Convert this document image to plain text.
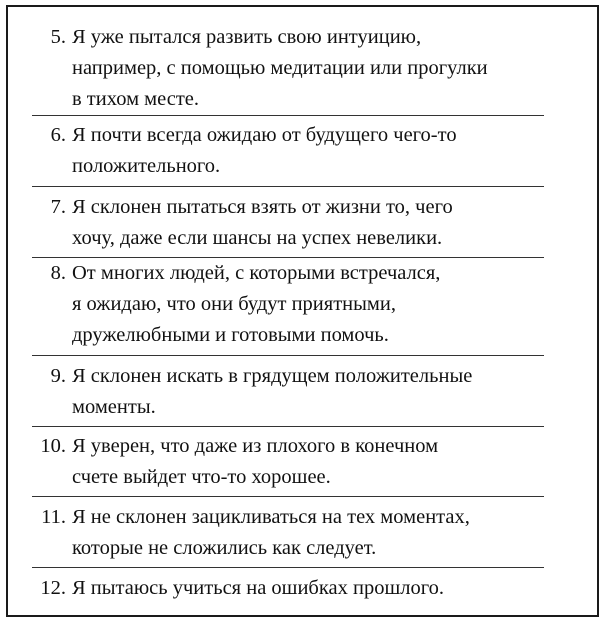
5. Я уже пытался развить свою интуицию,
например, с помощью медитации или прогулки
в тихом месте.
6. Я почти всегда ожидаю от будущего чего-то
положительного.
7. Я склонен пытаться взять от жизни то, чего
хочу, даже если шансы на успех невелики.
8. От многих людей, с которыми встречался,
я ожидаю, что они будут приятными,
дружелюбными и готовыми помочь.
9. Я склонен искать в грядущем положительные
моменты.
10. Я уверен, что даже из плохого в конечном
счете выйдет что-то хорошее.
11. Я не склонен зацикливаться на тех моментах,
которые не сложились как следует.
12. Я пытаюсь учиться на ошибках прошлого.
